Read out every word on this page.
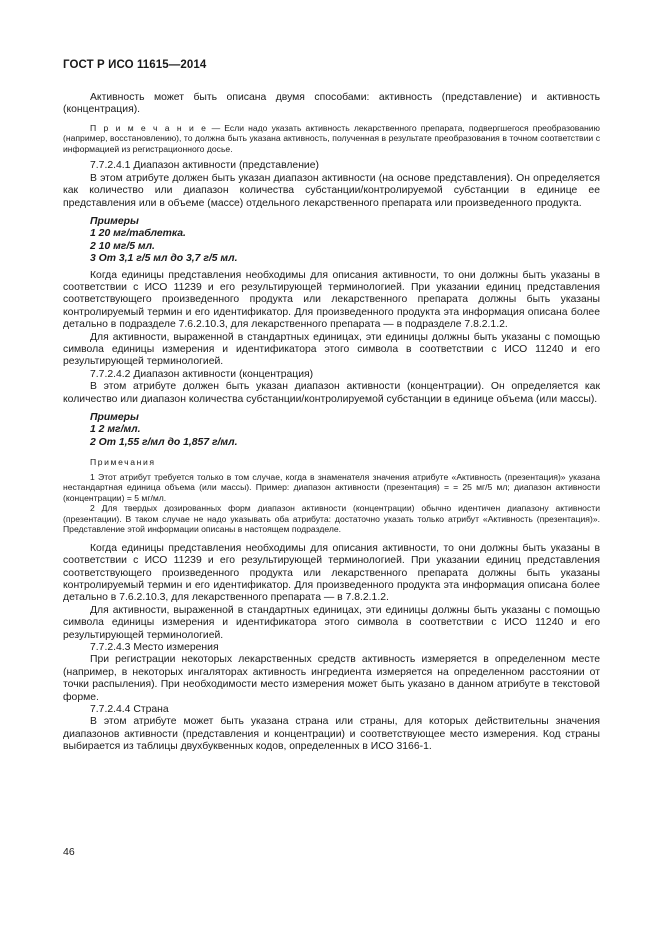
ГОСТ Р ИСО 11615—2014

Активность может быть описана двумя способами: активность (представление) и активность (концентрация).

П р и м е ч а н и е — Если надо указать активность лекарственного препарата, подвергшегося преобразованию (например, восстановлению), то должна быть указана активность, полученная в результате преобразования в точном соответствии с информацией из регистрационного досье.

7.7.2.4.1 Диапазон активности (представление)

В этом атрибуте должен быть указан диапазон активности (на основе представления). Он определяется как количество или диапазон количества субстанции/контролируемой субстанции в единице ее представления или в объеме (массе) отдельного лекарственного препарата или произведенного продукта.

Примеры

1 20 мг/таблетка.

2 10 мг/5 мл.

3 От 3,1 г/5 мл до 3,7 г/5 мл.

Когда единицы представления необходимы для описания активности, то они должны быть указаны в соответствии с ИСО 11239 и его результирующей терминологией. При указании единиц представления соответствующего произведенного продукта или лекарственного препарата должны быть указаны контролируемый термин и его идентификатор. Для произведенного продукта эта информация описана более детально в подразделе 7.6.2.10.3, для лекарственного препарата — в подразделе 7.8.2.1.2.

Для активности, выраженной в стандартных единицах, эти единицы должны быть указаны с помощью символа единицы измерения и идентификатора этого символа в соответствии с ИСО 11240 и его результирующей терминологией.

7.7.2.4.2 Диапазон активности (концентрация)

В этом атрибуте должен быть указан диапазон активности (концентрации). Он определяется как количество или диапазон количества субстанции/контролируемой субстанции в единице объема (или массы).

Примеры

1 2 мг/мл.

2 От 1,55 г/мл до 1,857 г/мл.

Примечания

1 Этот атрибут требуется только в том случае, когда в знаменателя значения атрибуте «Активность (презентация)» указана нестандартная единица объема (или массы). Пример: диапазон активности (презентация) = = 25 мг/5 мл; диапазон активности (концентрации) = 5 мг/мл.

2 Для твердых дозированных форм диапазон активности (концентрации) обычно идентичен диапазону активности (презентации). В таком случае не надо указывать оба атрибута: достаточно указать только атрибут «Активность (презентация)». Представление этой информации описаны в настоящем подразделе.

Когда единицы представления необходимы для описания активности, то они должны быть указаны в соответствии с ИСО 11239 и его результирующей терминологией. При указании единиц представления соответствующего произведенного продукта или лекарственного препарата должны быть указаны контролируемый термин и его идентификатор. Для произведенного продукта эта информация описана более детально в 7.6.2.10.3, для лекарственного препарата — в 7.8.2.1.2.

Для активности, выраженной в стандартных единицах, эти единицы должны быть указаны с помощью символа единицы измерения и идентификатора этого символа в соответствии с ИСО 11240 и его результирующей терминологией.

7.7.2.4.3 Место измерения

При регистрации некоторых лекарственных средств активность измеряется в определенном месте (например, в некоторых ингаляторах активность ингредиента измеряется на определенном расстоянии от точки распыления). При необходимости место измерения может быть указано в данном атрибуте в текстовой форме.

7.7.2.4.4 Страна

В этом атрибуте может быть указана страна или страны, для которых действительны значения диапазонов активности (представления и концентрации) и соответствующее место измерения. Код страны выбирается из таблицы двухбуквенных кодов, определенных в ИСО 3166-1.

46
